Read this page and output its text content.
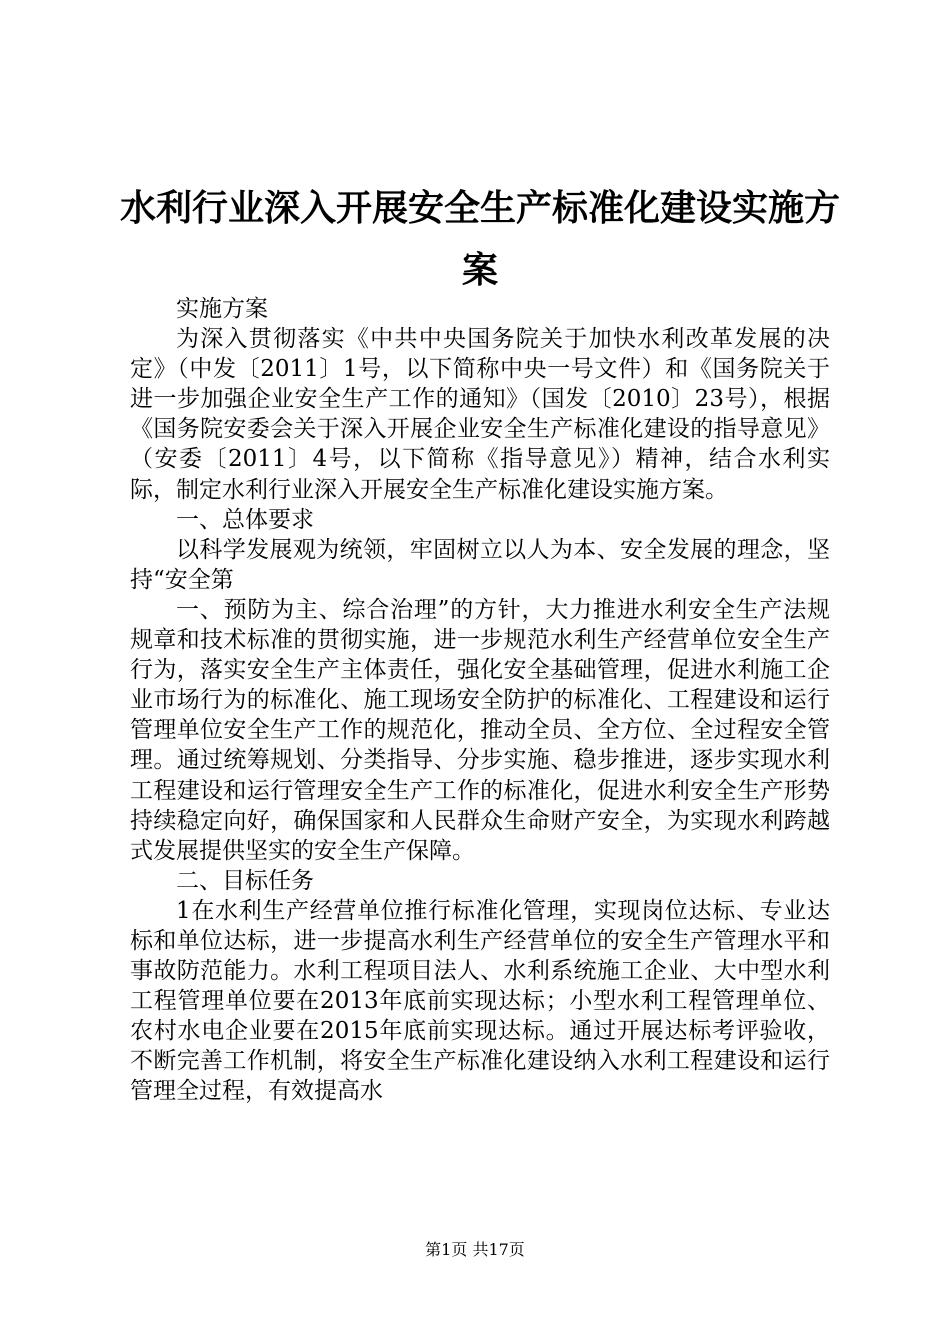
水利行业深入开展安全生产标准化建设实施方案

实施方案

为深入贯彻落实《中共中央国务院关于加快水利改革发展的决定》（中发〔2011〕1号，以下简称中央一号文件）和《国务院关于进一步加强企业安全生产工作的通知》（国发〔2010〕23号），根据《国务院安委会关于深入开展企业安全生产标准化建设的指导意见》（安委〔2011〕4号，以下简称《指导意见》）精神，结合水利实际，制定水利行业深入开展安全生产标准化建设实施方案。

一、总体要求

以科学发展观为统领，牢固树立以人为本、安全发展的理念，坚持“安全第

一、预防为主、综合治理”的方针，大力推进水利安全生产法规规章和技术标准的贯彻实施，进一步规范水利生产经营单位安全生产行为，落实安全生产主体责任，强化安全基础管理，促进水利施工企业市场行为的标准化、施工现场安全防护的标准化、工程建设和运行管理单位安全生产工作的规范化，推动全员、全方位、全过程安全管理。通过统筹规划、分类指导、分步实施、稳步推进，逐步实现水利工程建设和运行管理安全生产工作的标准化，促进水利安全生产形势持续稳定向好，确保国家和人民群众生命财产安全，为实现水利跨越式发展提供坚实的安全生产保障。

二、目标任务

1在水利生产经营单位推行标准化管理，实现岗位达标、专业达标和单位达标，进一步提高水利生产经营单位的安全生产管理水平和事故防范能力。水利工程项目法人、水利系统施工企业、大中型水利工程管理单位要在2013年底前实现达标；小型水利工程管理单位、农村水电企业要在2015年底前实现达标。通过开展达标考评验收，不断完善工作机制，将安全生产标准化建设纳入水利工程建设和运行管理全过程，有效提高水

第1页 共17页
